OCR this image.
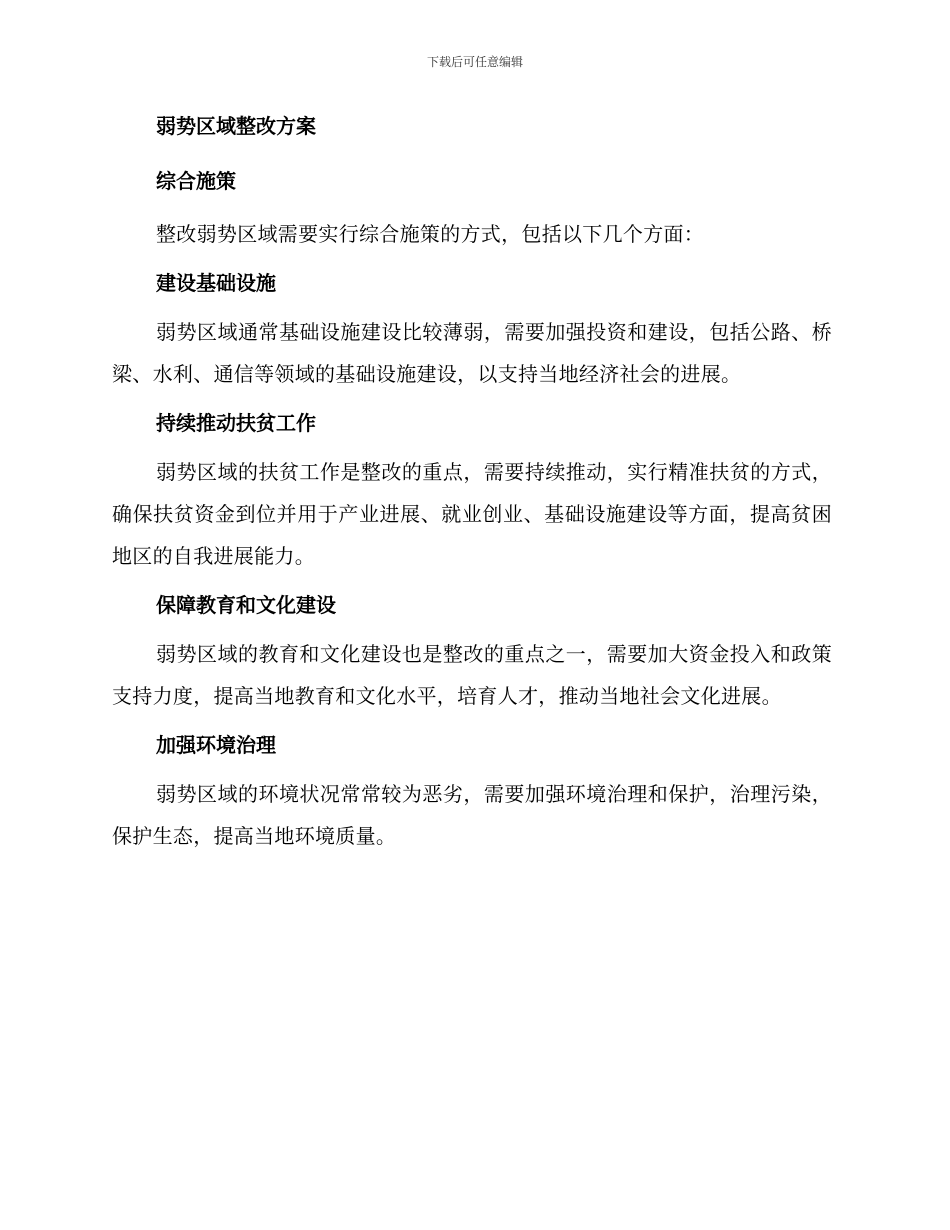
下载后可任意编辑
弱势区域整改方案
综合施策

整改弱势区域需要实行综合施策的方式，包括以下几个方面：

建设基础设施

弱势区域通常基础设施建设比较薄弱，需要加强投资和建设，包括公路、桥梁、水利、通信等领域的基础设施建设，以支持当地经济社会的进展。

持续推动扶贫工作

弱势区域的扶贫工作是整改的重点，需要持续推动，实行精准扶贫的方式，确保扶贫资金到位并用于产业进展、就业创业、基础设施建设等方面，提高贫困地区的自我进展能力。

保障教育和文化建设

弱势区域的教育和文化建设也是整改的重点之一，需要加大资金投入和政策支持力度，提高当地教育和文化水平，培育人才，推动当地社会文化进展。

加强环境治理

弱势区域的环境状况常常较为恶劣，需要加强环境治理和保护，治理污染，保护生态，提高当地环境质量。
